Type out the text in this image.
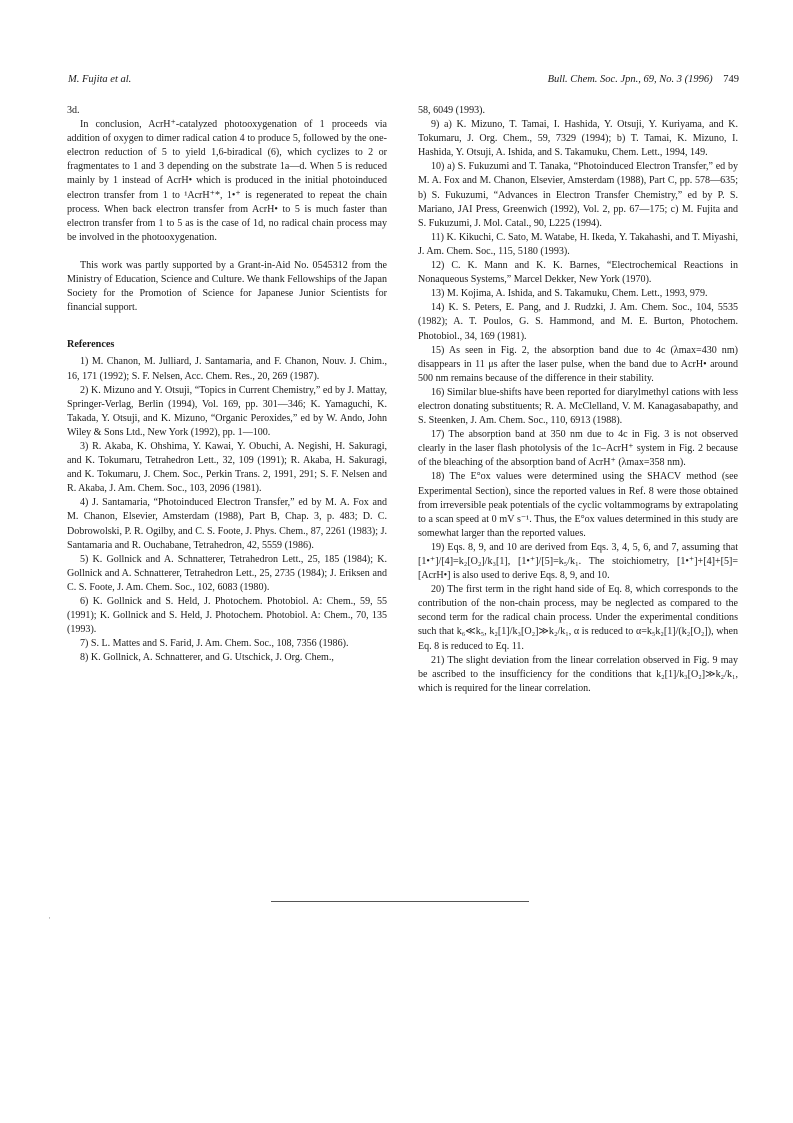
M. Fujita et al.	Bull. Chem. Soc. Jpn., 69, No. 3 (1996) 749

3d.

In conclusion, AcrH⁺-catalyzed photooxygenation of 1 proceeds via addition of oxygen to dimer radical cation 4 to produce 5, followed by the one-electron reduction of 5 to yield 1,6-biradical (6), which cyclizes to 2 or fragmentates to 1 and 3 depending on the substrate 1a—d. When 5 is reduced mainly by 1 instead of AcrH• which is produced in the initial photoinduced electron transfer from 1 to ¹AcrH⁺*, 1•⁺ is regenerated to repeat the chain process. When back electron transfer from AcrH• to 5 is much faster than electron transfer from 1 to 5 as is the case of 1d, no radical chain process may be involved in the photooxygenation.

This work was partly supported by a Grant-in-Aid No. 0545312 from the Ministry of Education, Science and Culture. We thank Fellowships of the Japan Society for the Promotion of Science for Japanese Junior Scientists for financial support.

References

1) M. Chanon, M. Julliard, J. Santamaria, and F. Chanon, Nouv. J. Chim., 16, 171 (1992); S. F. Nelsen, Acc. Chem. Res., 20, 269 (1987).

2) K. Mizuno and Y. Otsuji, “Topics in Current Chemistry,” ed by J. Mattay, Springer-Verlag, Berlin (1994), Vol. 169, pp. 301—346; K. Yamaguchi, K. Takada, Y. Otsuji, and K. Mizuno, “Organic Peroxides,” ed by W. Ando, John Wiley & Sons Ltd., New York (1992), pp. 1—100.

3) R. Akaba, K. Ohshima, Y. Kawai, Y. Obuchi, A. Negishi, H. Sakuragi, and K. Tokumaru, Tetrahedron Lett., 32, 109 (1991); R. Akaba, H. Sakuragi, and K. Tokumaru, J. Chem. Soc., Perkin Trans. 2, 1991, 291; S. F. Nelsen and R. Akaba, J. Am. Chem. Soc., 103, 2096 (1981).

4) J. Santamaria, “Photoinduced Electron Transfer,” ed by M. A. Fox and M. Chanon, Elsevier, Amsterdam (1988), Part B, Chap. 3, p. 483; D. C. Dobrowolski, P. R. Ogilby, and C. S. Foote, J. Phys. Chem., 87, 2261 (1983); J. Santamaria and R. Ouchabane, Tetrahedron, 42, 5559 (1986).

5) K. Gollnick and A. Schnatterer, Tetrahedron Lett., 25, 185 (1984); K. Gollnick and A. Schnatterer, Tetrahedron Lett., 25, 2735 (1984); J. Eriksen and C. S. Foote, J. Am. Chem. Soc., 102, 6083 (1980).

6) K. Gollnick and S. Held, J. Photochem. Photobiol. A: Chem., 59, 55 (1991); K. Gollnick and S. Held, J. Photochem. Photobiol. A: Chem., 70, 135 (1993).

7) S. L. Mattes and S. Farid, J. Am. Chem. Soc., 108, 7356 (1986).

8) K. Gollnick, A. Schnatterer, and G. Utschick, J. Org. Chem.,

58, 6049 (1993).

9) a) K. Mizuno, T. Tamai, I. Hashida, Y. Otsuji, Y. Kuriyama, and K. Tokumaru, J. Org. Chem., 59, 7329 (1994); b) T. Tamai, K. Mizuno, I. Hashida, Y. Otsuji, A. Ishida, and S. Takamuku, Chem. Lett., 1994, 149.

10) a) S. Fukuzumi and T. Tanaka, “Photoinduced Electron Transfer,” ed by M. A. Fox and M. Chanon, Elsevier, Amsterdam (1988), Part C, pp. 578—635; b) S. Fukuzumi, “Advances in Electron Transfer Chemistry,” ed by P. S. Mariano, JAI Press, Greenwich (1992), Vol. 2, pp. 67—175; c) M. Fujita and S. Fukuzumi, J. Mol. Catal., 90, L225 (1994).

11) K. Kikuchi, C. Sato, M. Watabe, H. Ikeda, Y. Takahashi, and T. Miyashi, J. Am. Chem. Soc., 115, 5180 (1993).

12) C. K. Mann and K. K. Barnes, “Electrochemical Reactions in Nonaqueous Systems,” Marcel Dekker, New York (1970).

13) M. Kojima, A. Ishida, and S. Takamuku, Chem. Lett., 1993, 979.

14) K. S. Peters, E. Pang, and J. Rudzki, J. Am. Chem. Soc., 104, 5535 (1982); A. T. Poulos, G. S. Hammond, and M. E. Burton, Photochem. Photobiol., 34, 169 (1981).

15) As seen in Fig. 2, the absorption band due to 4c (λmax=430 nm) disappears in 11 μs after the laser pulse, when the band due to AcrH• around 500 nm remains because of the difference in their stability.

16) Similar blue-shifts have been reported for diarylmethyl cations with less electron donating substituents; R. A. McClelland, V. M. Kanagasabapathy, and S. Steenken, J. Am. Chem. Soc., 110, 6913 (1988).

17) The absorption band at 350 nm due to 4c in Fig. 3 is not observed clearly in the laser flash photolysis of the 1c–AcrH⁺ system in Fig. 2 because of the bleaching of the absorption band of AcrH⁺ (λmax=358 nm).

18) The E°ox values were determined using the SHACV method (see Experimental Section), since the reported values in Ref. 8 were those obtained from irreversible peak potentials of the cyclic voltammograms by extrapolating to a scan speed at 0 mV s⁻¹. Thus, the E°ox values determined in this study are somewhat larger than the reported values.

19) Eqs. 8, 9, and 10 are derived from Eqs. 3, 4, 5, 6, and 7, assuming that [1•⁺]/[4]=k₂[O₂]/k₃[1], [1•⁺]/[5]=k₅/k₁. The stoichiometry, [1•⁺]+[4]+[5]=[AcrH•] is also used to derive Eqs. 8, 9, and 10.

20) The first term in the right hand side of Eq. 8, which corresponds to the contribution of the non-chain process, may be neglected as compared to the second term for the radical chain process. Under the experimental conditions such that k₆≪k₅, k₂[1]/k₃[O₂]≫k₂/k₁, α is reduced to α=k₅k₂[1]/(k₂[O₂]), when Eq. 8 is reduced to Eq. 11.

21) The slight deviation from the linear correlation observed in Fig. 9 may be ascribed to the insufficiency for the conditions that k₂[1]/k₃[O₂]≫k₂/k₁, which is required for the linear correlation.

·
